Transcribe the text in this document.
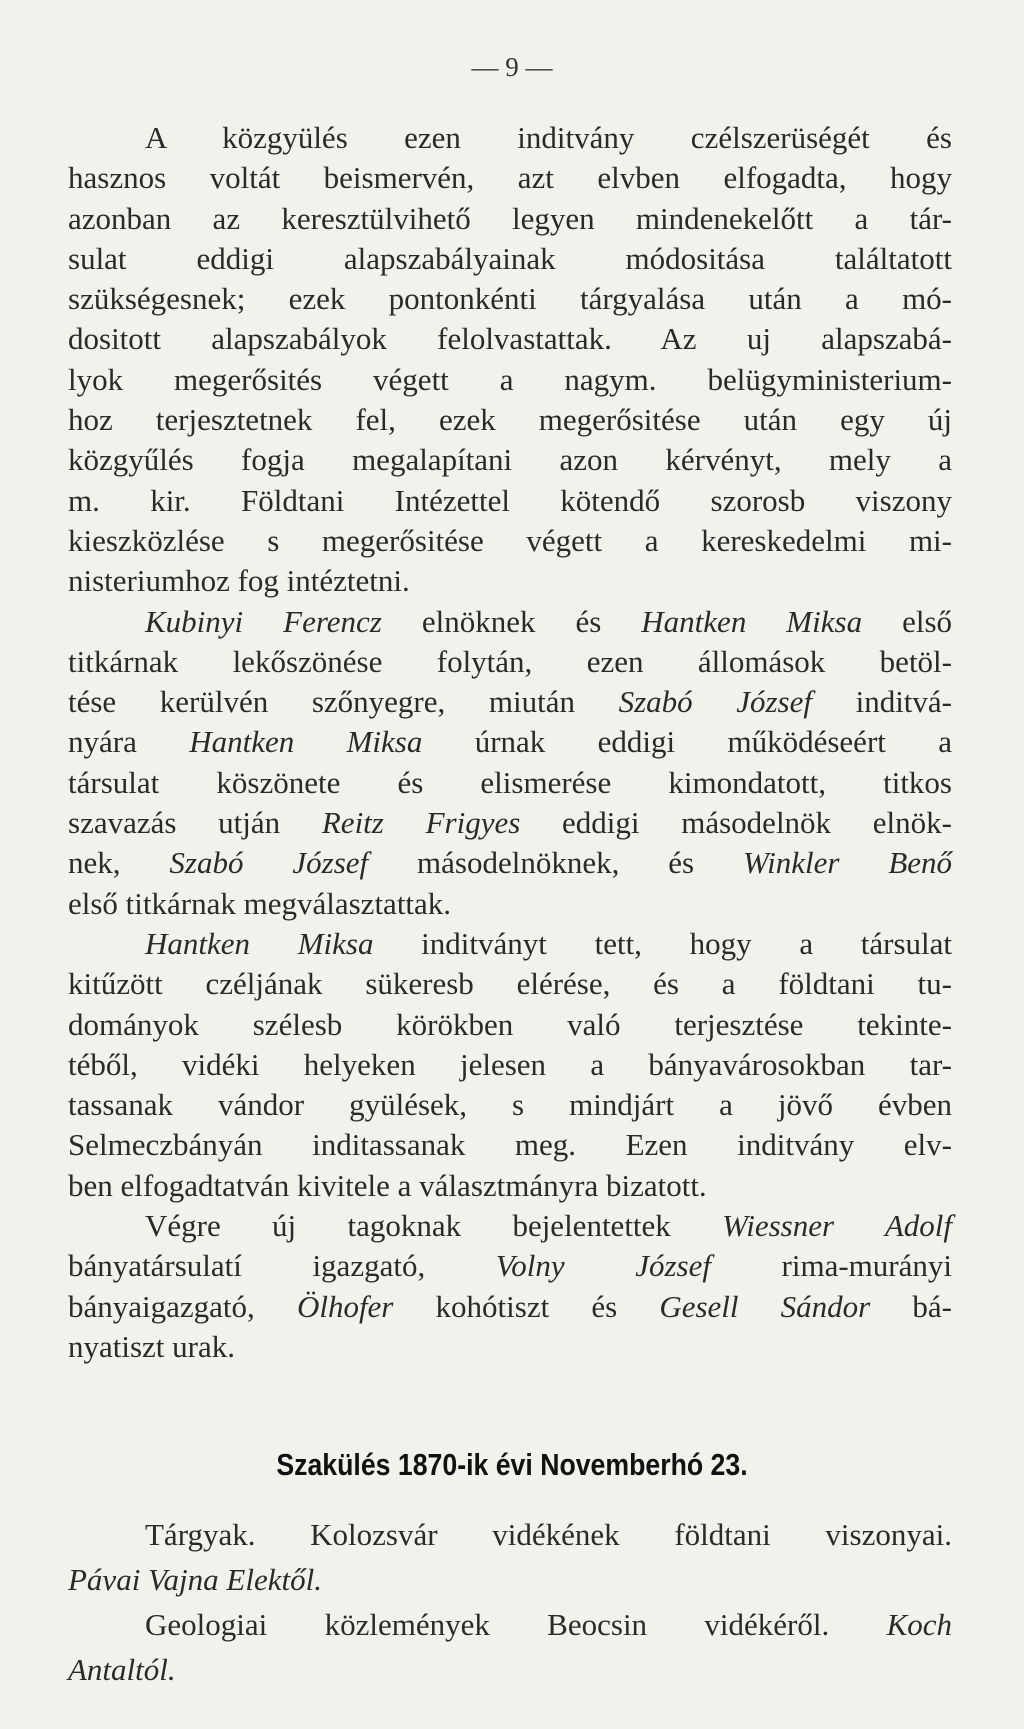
— 9 —
A közgyülés ezen inditvány czélszerüségét és
hasznos voltát beismervén, azt elvben elfogadta, hogy
azonban az keresztülvihető legyen mindenekelőtt a tár-
sulat eddigi alapszabályainak módositása találtatott
szükségesnek; ezek pontonkénti tárgyalása után a mó-
dositott alapszabályok felolvastattak. Az uj alapszabá-
lyok megerősités végett a nagym. belügyministerium-
hoz terjesztetnek fel, ezek megerősitése után egy új
közgyűlés fogja megalapítani azon kérvényt, mely a
m. kir. Földtani Intézettel kötendő szorosb viszony
kieszközlése s megerősitése végett a kereskedelmi mi-
nisteriumhoz fog intéztetni.
Kubinyi Ferencz elnöknek és Hantken Miksa első
titkárnak lekőszönése folytán, ezen állomások betöl-
tése kerülvén szőnyegre, miután Szabó József inditvá-
nyára Hantken Miksa úrnak eddigi működéseért a
társulat köszönete és elismerése kimondatott, titkos
szavazás utján Reitz Frigyes eddigi másodelnök elnök-
nek, Szabó József másodelnöknek, és Winkler Benő
első titkárnak megválasztattak.
Hantken Miksa inditványt tett, hogy a társulat
kitűzött czéljának sükeresb elérése, és a földtani tu-
dományok szélesb körökben való terjesztése tekinte-
téből, vidéki helyeken jelesen a bányavárosokban tar-
tassanak vándor gyülések, s mindjárt a jövő évben
Selmeczbányán inditassanak meg. Ezen inditvány elv-
ben elfogadtatván kivitele a választmányra bizatott.
Végre új tagoknak bejelentettek Wiessner Adolf
bányatársulatí igazgató, Volny József rima-murányi
bányaigazgató, Ölhofer kohótiszt és Gesell Sándor bá-
nyatiszt urak.
Szakülés 1870-ik évi Novemberhó 23.
Tárgyak. Kolozsvár vidékének földtani viszonyai.
Pávai Vajna Elektől.
Geologiai közlemények Beocsin vidékéről. Koch
Antaltól.
